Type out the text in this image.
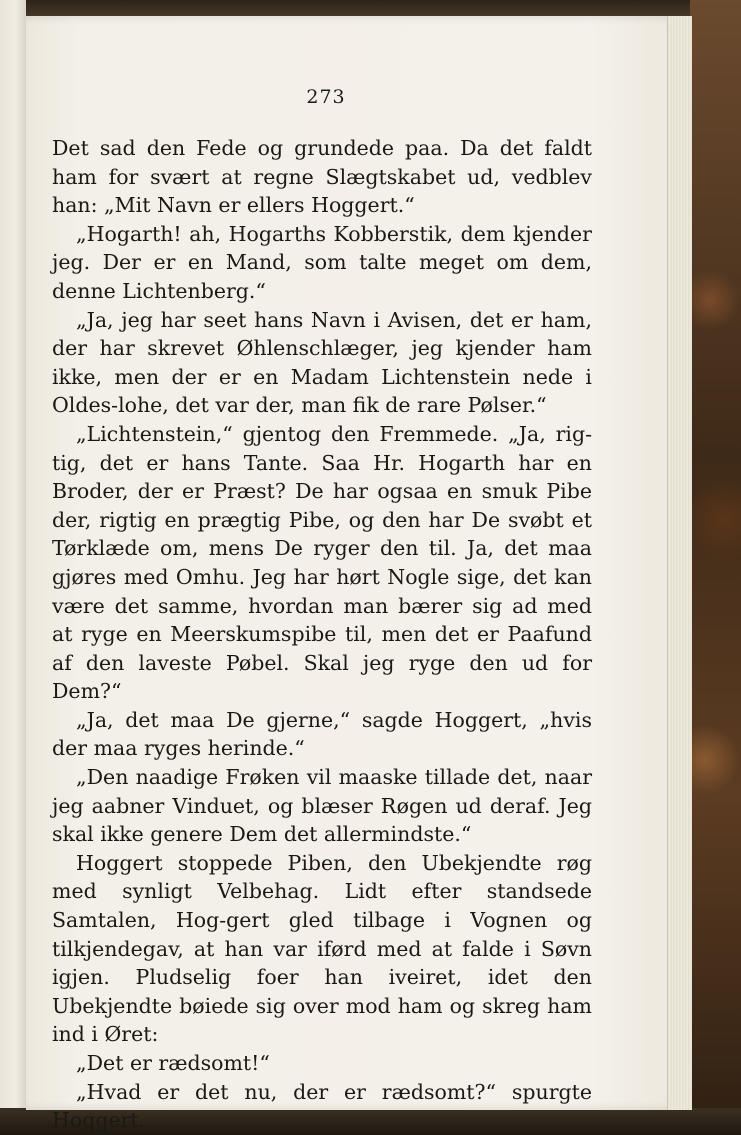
273

Det sad den Fede og grundede paa. Da det faldt ham for svært at regne Slægtskabet ud, vedblev han: „Mit Navn er ellers Hoggert.“

„Hogarth! ah, Hogarths Kobberstik, dem kjender jeg. Der er en Mand, som talte meget om dem, denne Lichtenberg.“

„Ja, jeg har seet hans Navn i Avisen, det er ham, der har skrevet Øhlenschlæger, jeg kjender ham ikke, men der er en Madam Lichtenstein nede i Oldes-lohe, det var der, man fik de rare Pølser.“

„Lichtenstein,“ gjentog den Fremmede. „Ja, rig-tig, det er hans Tante. Saa Hr. Hogarth har en Broder, der er Præst? De har ogsaa en smuk Pibe der, rigtig en prægtig Pibe, og den har De svøbt et Tørklæde om, mens De ryger den til. Ja, det maa gjøres med Omhu. Jeg har hørt Nogle sige, det kan være det samme, hvordan man bærer sig ad med at ryge en Meerskumspibe til, men det er Paafund af den laveste Pøbel. Skal jeg ryge den ud for Dem?“

„Ja, det maa De gjerne,“ sagde Hoggert, „hvis der maa ryges herinde.“

„Den naadige Frøken vil maaske tillade det, naar jeg aabner Vinduet, og blæser Røgen ud deraf. Jeg skal ikke genere Dem det allermindste.“

Hoggert stoppede Piben, den Ubekjendte røg med synligt Velbehag. Lidt efter standsede Samtalen, Hog-gert gled tilbage i Vognen og tilkjendegav, at han var iførd med at falde i Søvn igjen. Pludselig foer han iveiret, idet den Ubekjendte bøiede sig over mod ham og skreg ham ind i Øret:

„Det er rædsomt!“

„Hvad er det nu, der er rædsomt?“ spurgte Hoggert.
